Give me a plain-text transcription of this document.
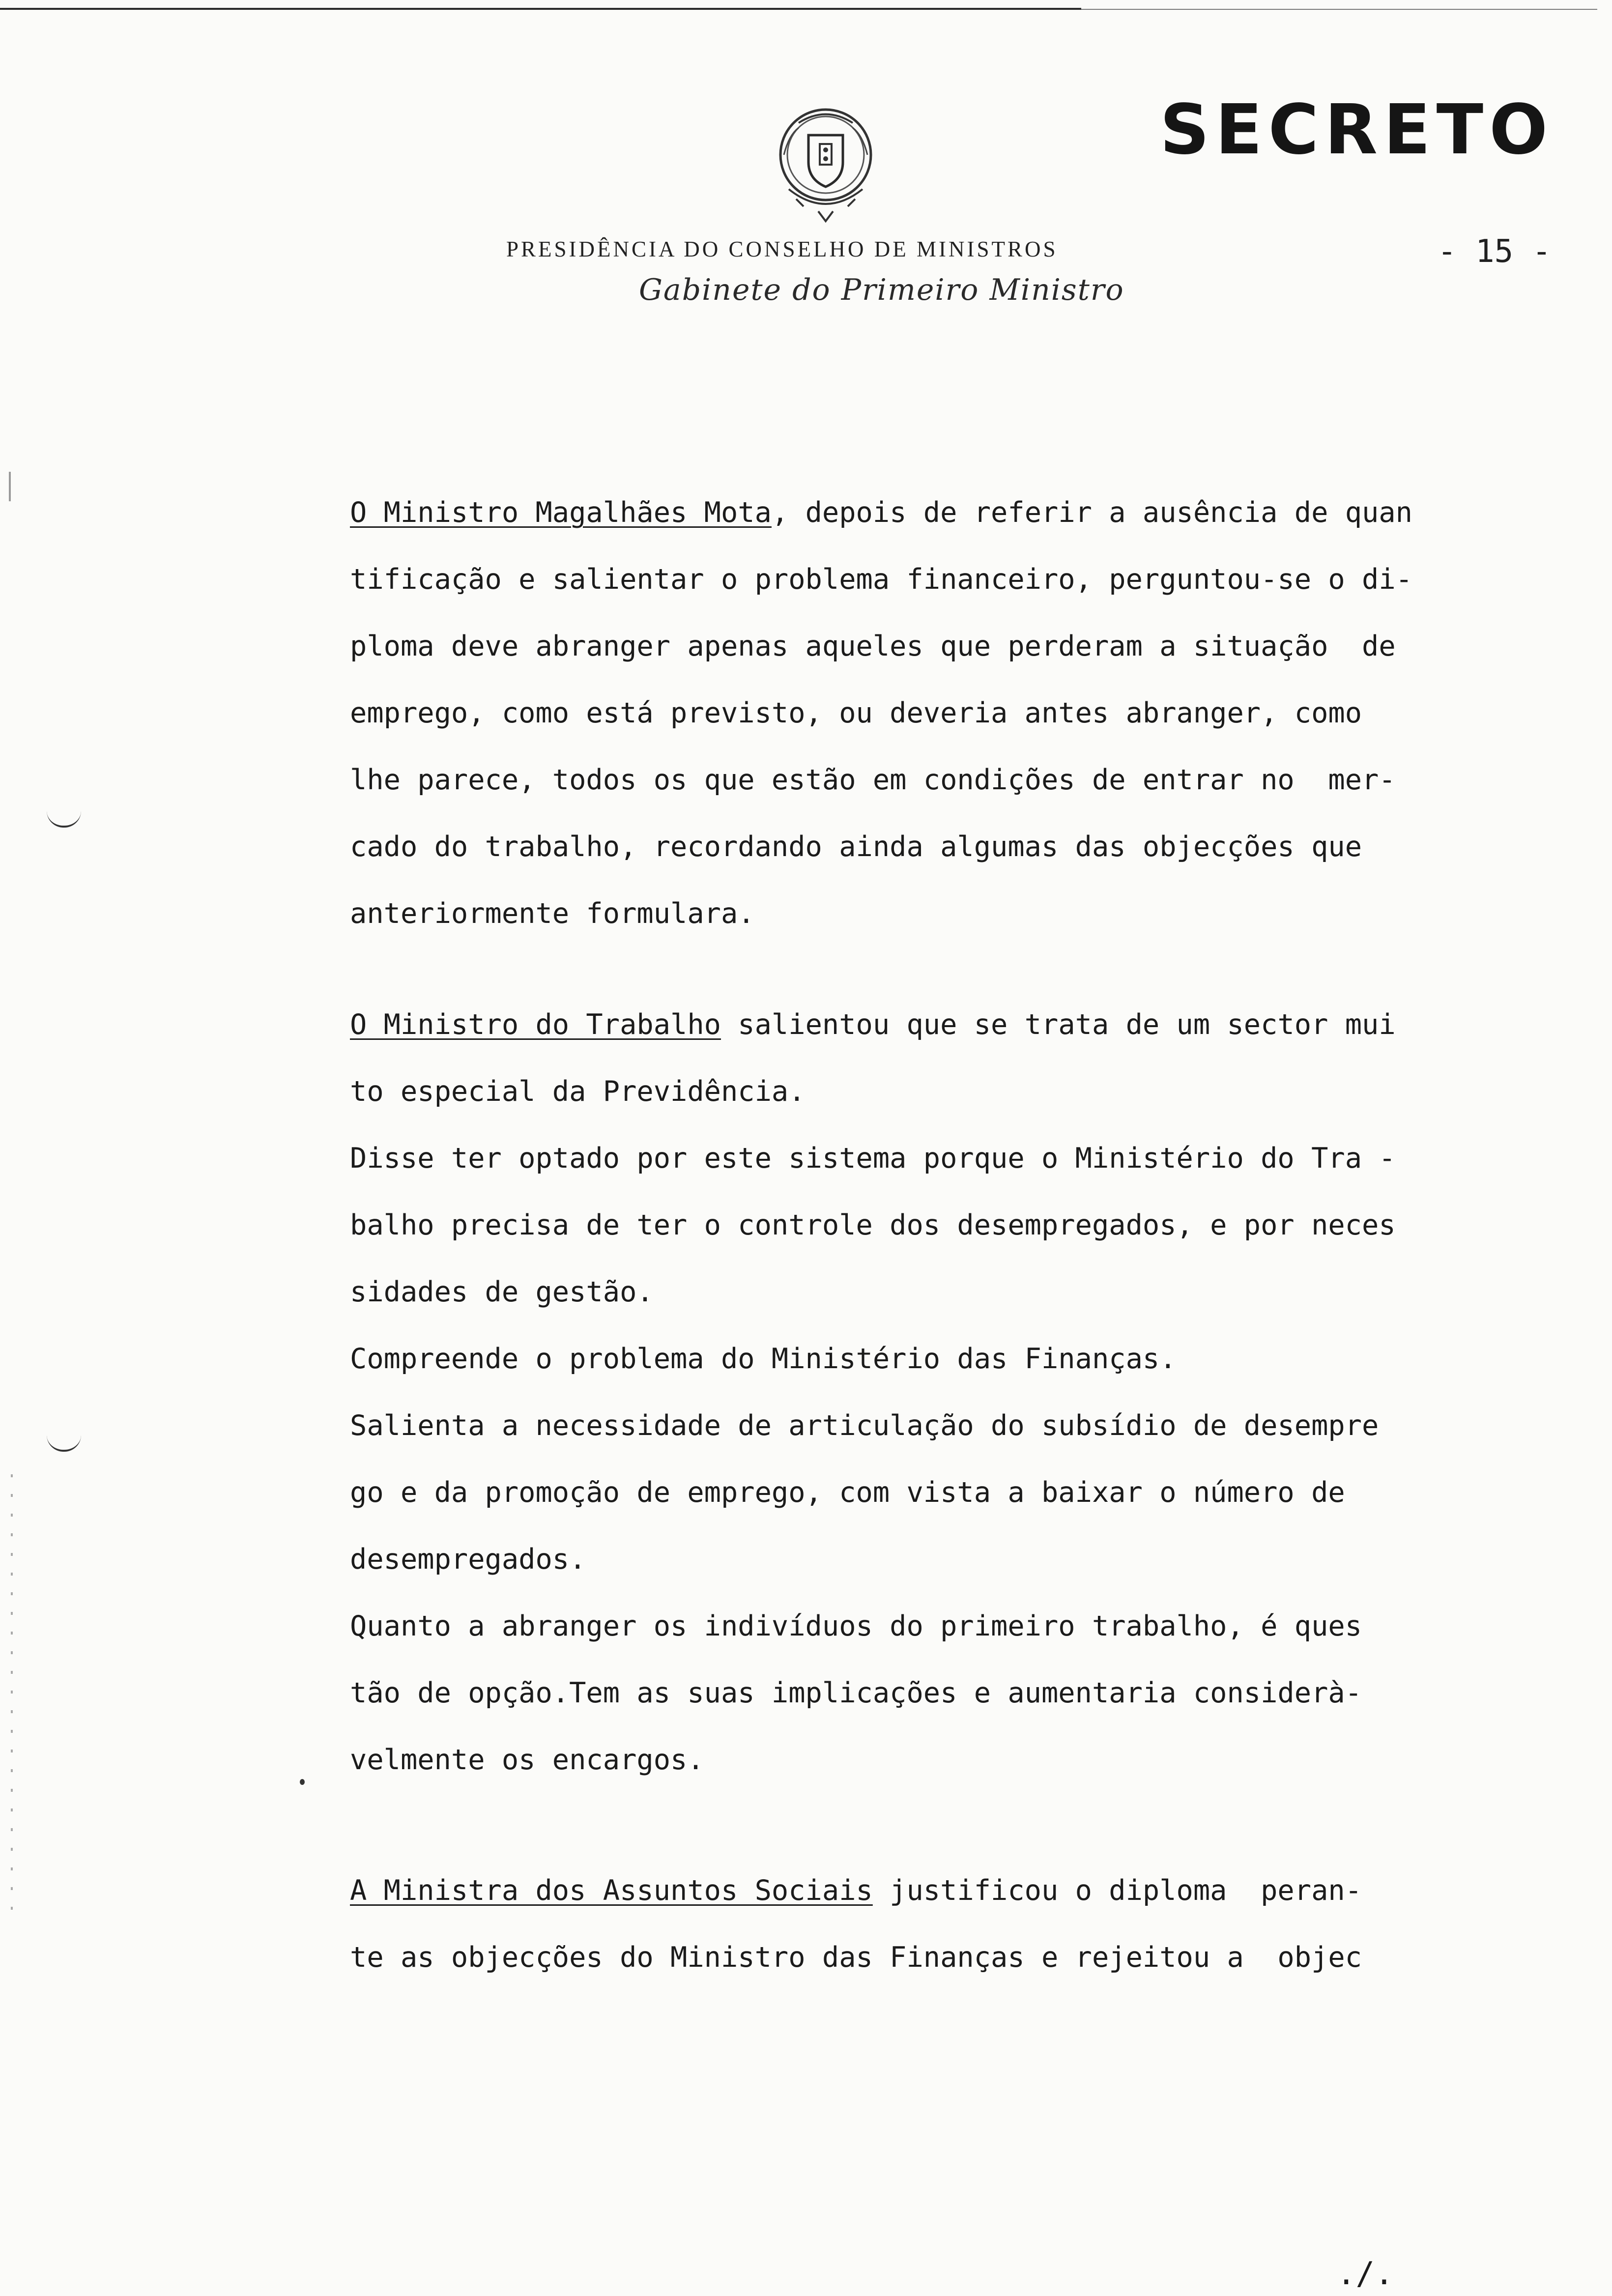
SECRETO
- 15 -
PRESIDÊNCIA DO CONSELHO DE MINISTROS
Gabinete do Primeiro Ministro
O Ministro Magalhães Mota, depois de referir a ausência de quan
tificação e salientar o problema financeiro, perguntou-se o di-
ploma deve abranger apenas aqueles que perderam a situação  de
emprego, como está previsto, ou deveria antes abranger, como
lhe parece, todos os que estão em condições de entrar no  mer-
cado do trabalho, recordando ainda algumas das objecções que
anteriormente formulara.
O Ministro do Trabalho salientou que se trata de um sector mui
to especial da Previdência.
Disse ter optado por este sistema porque o Ministério do Tra -
balho precisa de ter o controle dos desempregados, e por neces
sidades de gestão.
Compreende o problema do Ministério das Finanças.
Salienta a necessidade de articulação do subsídio de desempre
go e da promoção de emprego, com vista a baixar o número de
desempregados.
Quanto a abranger os indivíduos do primeiro trabalho, é ques
tão de opção.Tem as suas implicações e aumentaria considerà-
velmente os encargos.
A Ministra dos Assuntos Sociais justificou o diploma  peran-
te as objecções do Ministro das Finanças e rejeitou a  objec
./.
